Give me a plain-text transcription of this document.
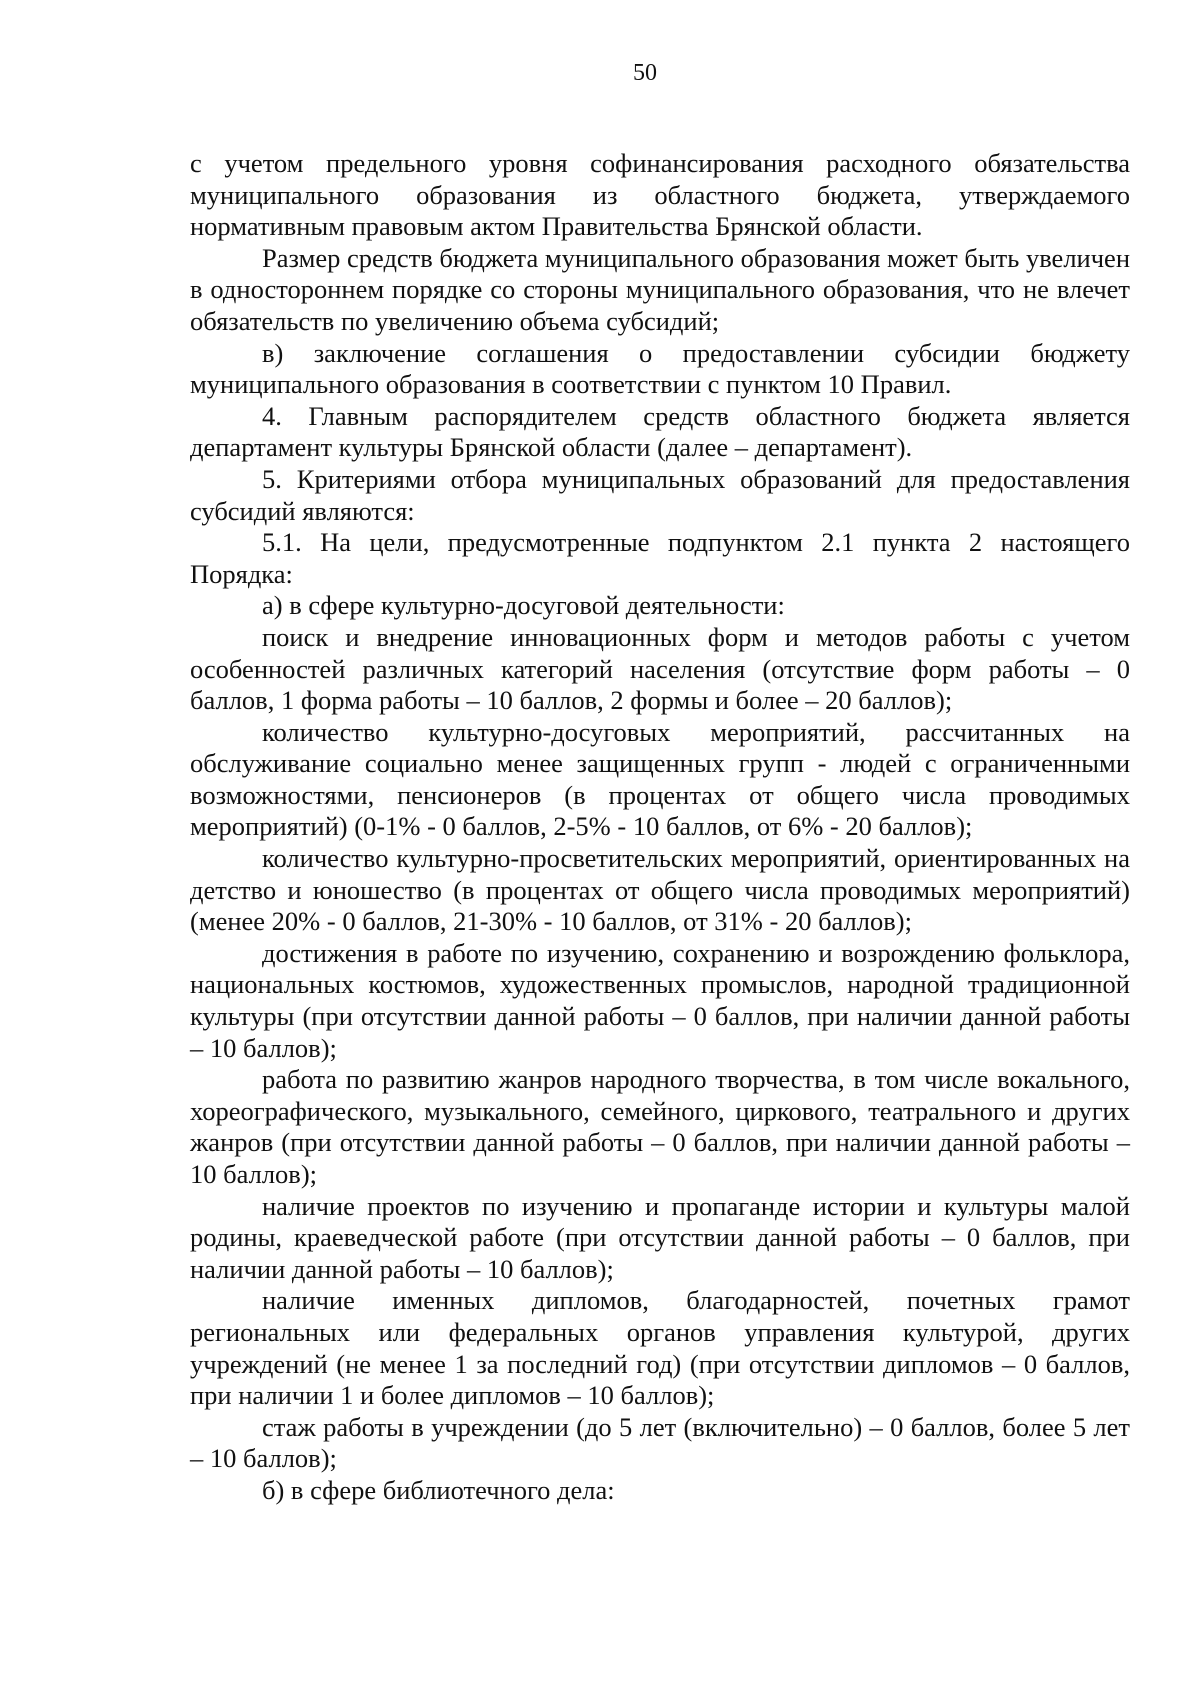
50

с учетом предельного уровня софинансирования расходного обязательства муниципального образования из областного бюджета, утверждаемого нормативным правовым актом Правительства Брянской области.

Размер средств бюджета муниципального образования может быть увеличен в одностороннем порядке со стороны муниципального образования, что не влечет обязательств по увеличению объема субсидий;

в) заключение соглашения о предоставлении субсидии бюджету муниципального образования в соответствии с пунктом 10 Правил.

4. Главным распорядителем средств областного бюджета является департамент культуры Брянской области (далее – департамент).

5. Критериями отбора муниципальных образований для предоставления субсидий являются:

5.1. На цели, предусмотренные подпунктом 2.1 пункта 2 настоящего Порядка:

а) в сфере культурно-досуговой деятельности:

поиск и внедрение инновационных форм и методов работы с учетом особенностей различных категорий населения (отсутствие форм работы – 0 баллов, 1 форма работы – 10 баллов, 2 формы и более – 20 баллов);

количество культурно-досуговых мероприятий, рассчитанных на обслуживание социально менее защищенных групп - людей с ограниченными возможностями, пенсионеров (в процентах от общего числа проводимых мероприятий) (0-1% - 0 баллов, 2-5% - 10 баллов, от 6% - 20 баллов);

количество культурно-просветительских мероприятий, ориентированных на детство и юношество (в процентах от общего числа проводимых мероприятий) (менее 20% - 0 баллов, 21-30% - 10 баллов, от 31% - 20 баллов);

достижения в работе по изучению, сохранению и возрождению фольклора, национальных костюмов, художественных промыслов, народной традиционной культуры (при отсутствии данной работы – 0 баллов, при наличии данной работы – 10 баллов);

работа по развитию жанров народного творчества, в том числе вокального, хореографического, музыкального, семейного, циркового, театрального и других жанров (при отсутствии данной работы – 0 баллов, при наличии данной работы – 10 баллов);

наличие проектов по изучению и пропаганде истории и культуры малой родины, краеведческой работе (при отсутствии данной работы – 0 баллов, при наличии данной работы – 10 баллов);

наличие именных дипломов, благодарностей, почетных грамот региональных или федеральных органов управления культурой, других учреждений (не менее 1 за последний год) (при отсутствии дипломов – 0 баллов, при наличии 1 и более дипломов – 10 баллов);

стаж работы в учреждении (до 5 лет (включительно) – 0 баллов, более 5 лет – 10 баллов);

б) в сфере библиотечного дела:
